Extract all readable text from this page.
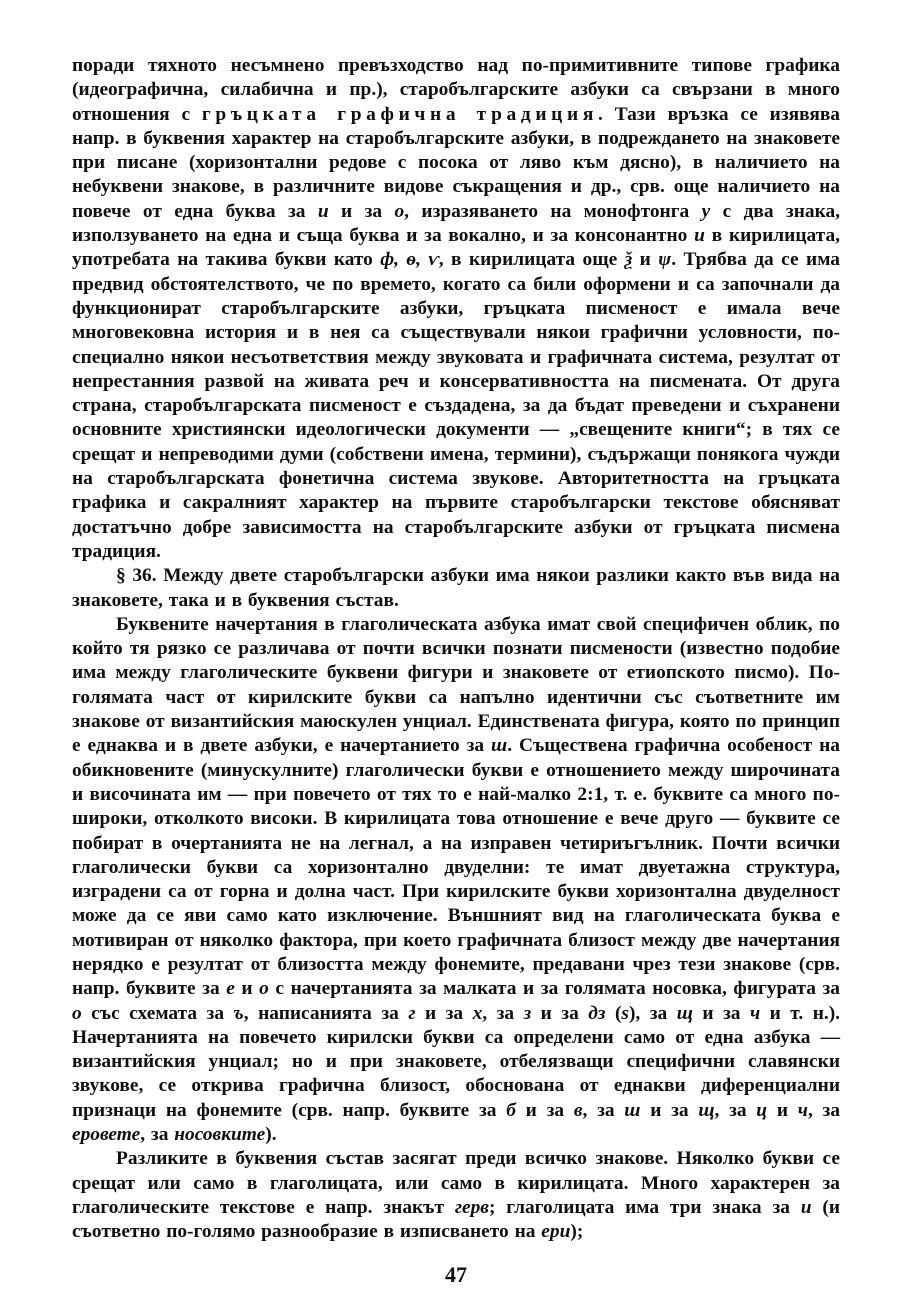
поради тяхното несъмнено превъзходство над по-примитивните типове графика (идеографична, силабична и пр.), старобългарските азбуки са свързани в много отношения с гръцката графична традиция. Тази връзка се изявява напр. в буквения характер на старобългарските азбуки, в подреждането на знаковете при писане (хоризонтални редове с посока от ляво към дясно), в наличието на небуквени знакове, в различните видове съкращения и др., срв. още наличието на повече от една буква за и и за о, изразяването на монофтонга у с два знака, използуването на една и съща буква и за вокално, и за консонантно и в кирилицата, употребата на такива букви като ф, ѳ, ѵ, в кирилицата още ѯ и ѱ. Трябва да се има предвид обстоятелството, че по времето, когато са били оформени и са започнали да функционират старобългарските азбуки, гръцката писменост е имала вече многовековна история и в нея са съществували някои графични условности, по-специално някои несъответствия между звуковата и графичната система, резултат от непрестанния развой на живата реч и консервативността на писмената. От друга страна, старобългарската писменост е създадена, за да бъдат преведени и съхранени основните християнски идеологически документи — „свещените книги“; в тях се срещат и непреводими думи (собствени имена, термини), съдържащи понякога чужди на старобългарската фонетична система звукове. Авторитетността на гръцката графика и сакралният характер на първите старобългарски текстове обясняват достатъчно добре зависимостта на старобългарските азбуки от гръцката писмена традиция.

§ 36. Между двете старобългарски азбуки има някои разлики както във вида на знаковете, така и в буквения състав.

Буквените начертания в глаголическата азбука имат свой специфичен облик, по който тя рязко се различава от почти всички познати писмености (известно подобие има между глаголическите буквени фигури и знаковете от етиопското писмо). По-голямата част от кирилските букви са напълно идентични със съответните им знакове от византийския маюскулен унциал. Единствената фигура, която по принцип е еднаква и в двете азбуки, е начертанието за ш. Съществена графична особеност на обикновените (минускулните) глаголически букви е отношението между широчината и височината им — при повечето от тях то е най-малко 2:1, т. е. буквите са много по-широки, отколкото високи. В кирилицата това отношение е вече друго — буквите се побират в очертанията не на легнал, а на изправен четириъгълник. Почти всички глаголически букви са хоризонтално двуделни: те имат двуетажна структура, изградени са от горна и долна част. При кирилските букви хоризонтална двуделност може да се яви само като изключение. Външният вид на глаголическата буква е мотивиран от няколко фактора, при което графичната близост между две начертания нерядко е резултат от близостта между фонемите, предавани чрез тези знакове (срв. напр. буквите за е и о с начертанията за малката и за голямата носовка, фигурата за о със схемата за ъ, написанията за г и за х, за з и за дз (ѕ), за щ и за ч и т. н.). Начертанията на повечето кирилски букви са определени само от една азбука — византийския унциал; но и при знаковете, отбелязващи специфични славянски звукове, се открива графична близост, обоснована от еднакви диференциални признаци на фонемите (срв. напр. буквите за б и за в, за ш и за щ, за ц и ч, за еровете, за носовките).

Разликите в буквения състав засягат преди всичко знакове. Няколко букви се срещат или само в глаголицата, или само в кирилицата. Много характерен за глаголическите текстове е напр. знакът герв; глаголицата има три знака за и (и съответно по-голямо разнообразие в изписването на ери);

47
